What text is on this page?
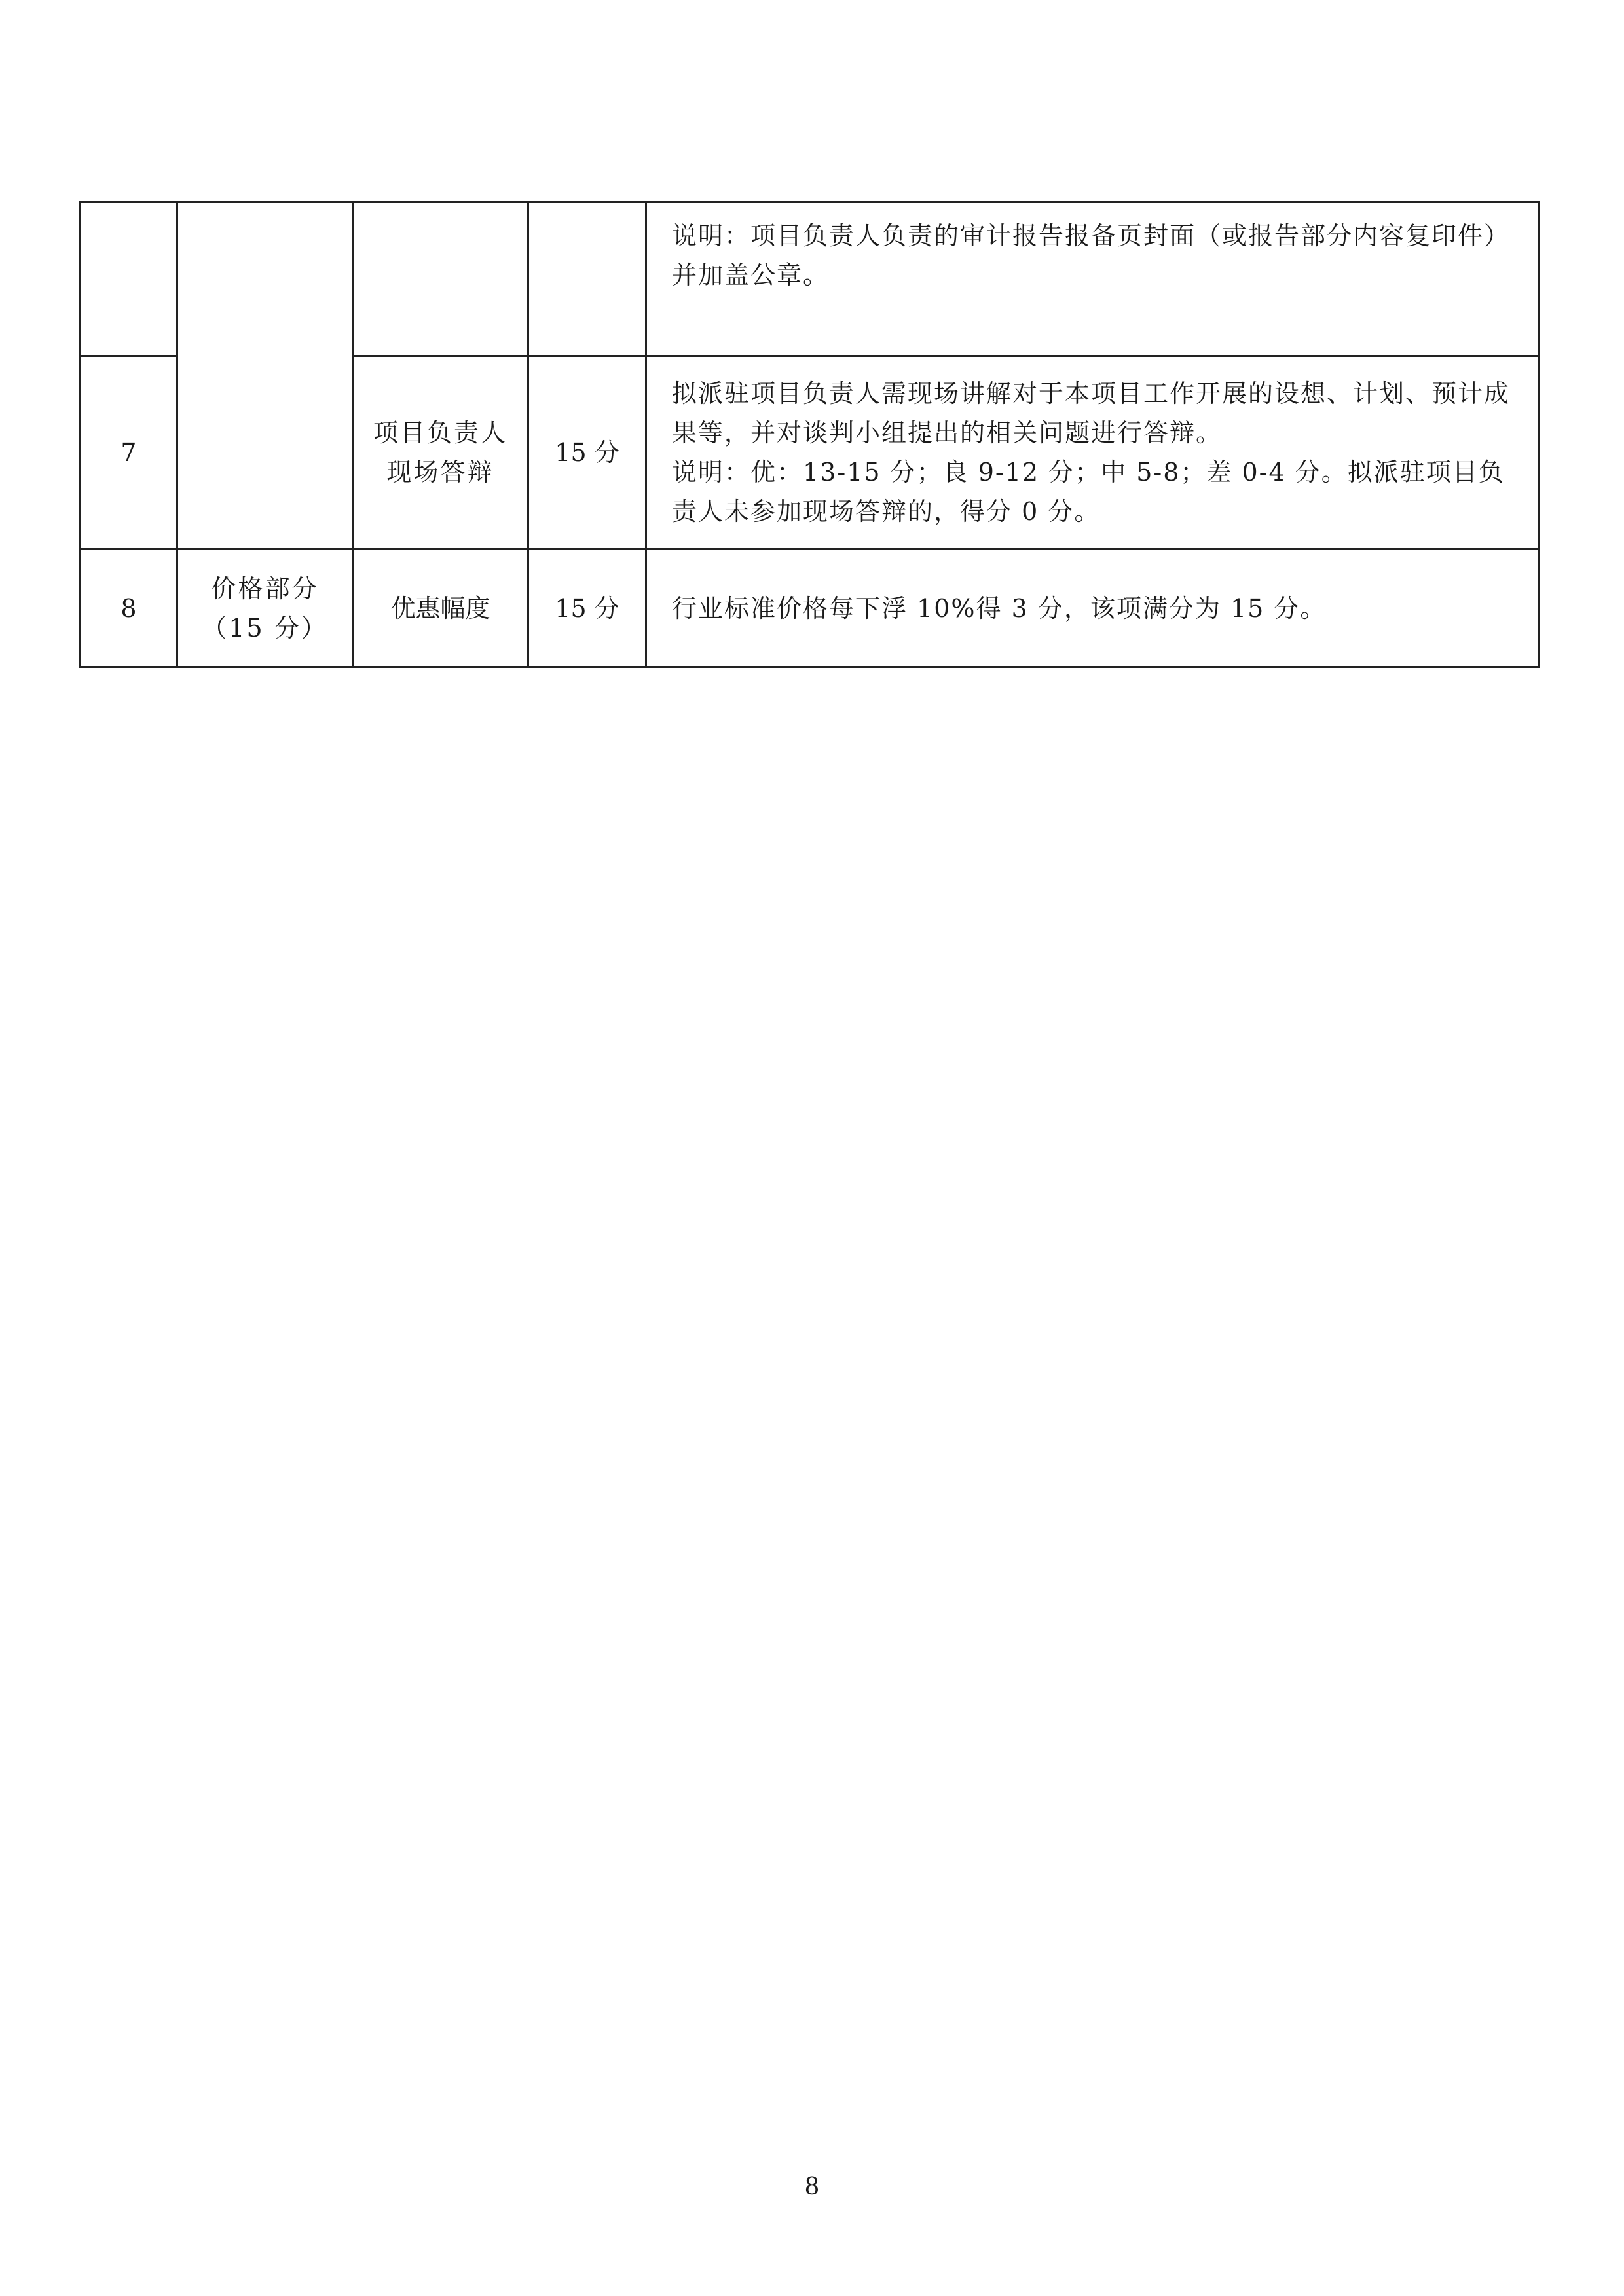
				说明：项目负责人负责的审计报告报备页封面（或报告部分内容复印件）并加盖公章。

7		项目负责人现场答辩	15 分	拟派驻项目负责人需现场讲解对于本项目工作开展的设想、计划、预计成果等，并对谈判小组提出的相关问题进行答辩。
说明：优：13-15 分；良 9-12 分；中 5-8；差 0-4 分。拟派驻项目负责人未参加现场答辩的，得分 0 分。

8	价格部分（15 分）	优惠幅度	15 分	行业标准价格每下浮 10%得 3 分，该项满分为 15 分。
8
